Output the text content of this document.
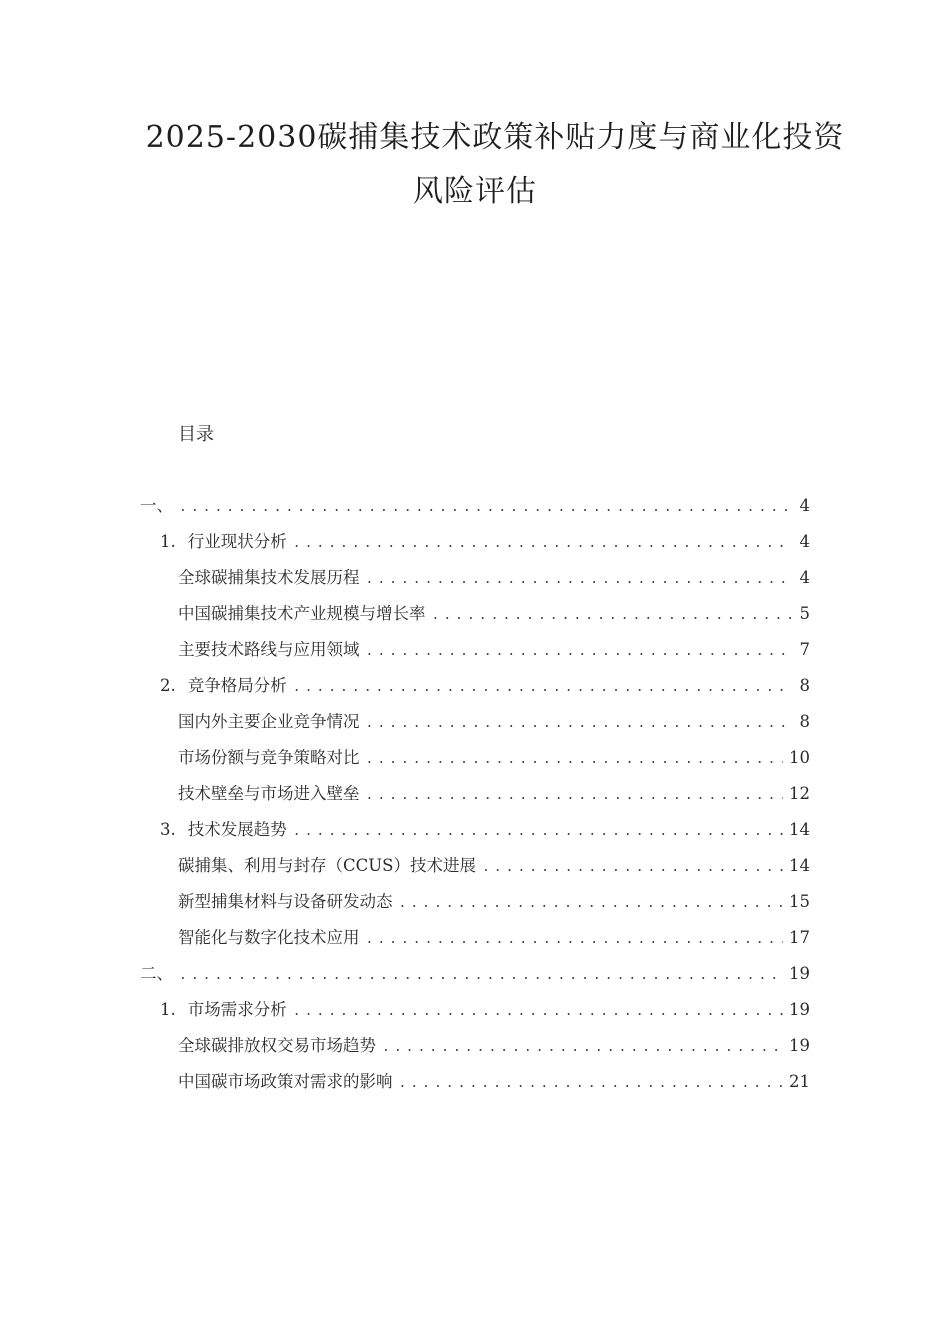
2025-2030碳捕集技术政策补贴力度与商业化投资
风险评估
目录
一、 .....	4
1. 行业现状分析 .....	4
全球碳捕集技术发展历程 .....	4
中国碳捕集技术产业规模与增长率 .....	5
主要技术路线与应用领域 .....	7
2. 竞争格局分析 .....	8
国内外主要企业竞争情况 .....	8
市场份额与竞争策略对比 .....	10
技术壁垒与市场进入壁垒 .....	12
3. 技术发展趋势 .....	14
碳捕集、利用与封存（CCUS）技术进展 .....	14
新型捕集材料与设备研发动态 .....	15
智能化与数字化技术应用 .....	17
二、 .....	19
1. 市场需求分析 .....	19
全球碳排放权交易市场趋势 .....	19
中国碳市场政策对需求的影响 .....	21
